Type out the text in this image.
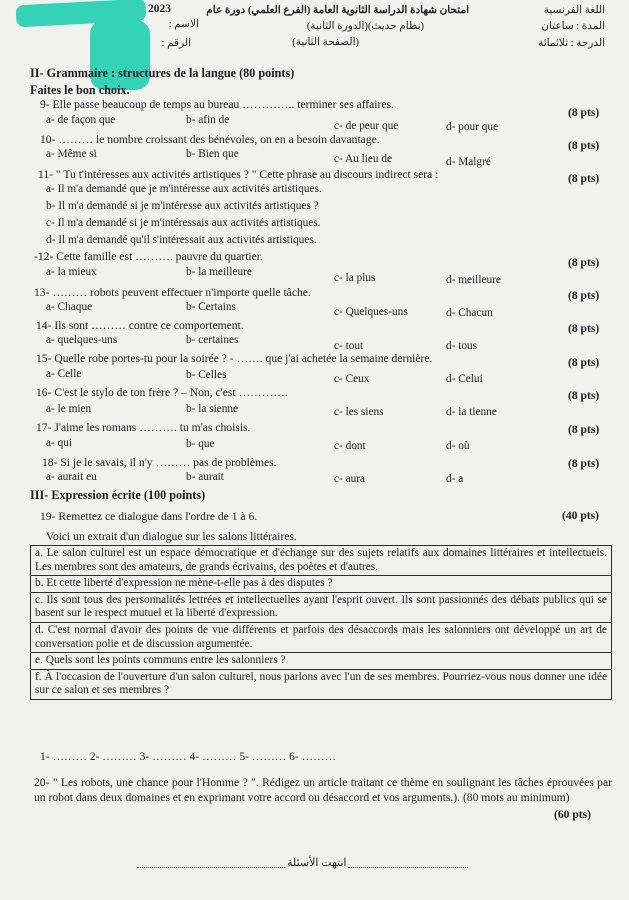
اللغة الفرنسية
امتحان شهادة الدراسة الثانوية العامة (الفرع العلمي) دورة عام
2023
المدة : ساعتان
(نظام حديث)(الدورة الثانية)
الاسم :
الدرجة : ثلاثمائة
(الصفحة الثانية)
الرقم :
II- Grammaire : structures de la langue (80 points)
Faites le bon choix.
9- Elle passe beaucoup de temps au bureau ………….. terminer ses affaires.
(8 pts)
a- de façon que	b- afin de	c- de peur que	d- pour que
10- ……… le nombre croissant des bénévoles, on en a besoin davantage.	(8 pts)
a- Même si	b- Bien que	c- Au lieu de	d- Malgré
11- " Tu t'intéresses aux activités artistiques ? " Cette phrase au discours indirect sera :	(8 pts)
a- Il m'a demandé que je m'intéresse aux activités artistiques.
b- Il m'a demandé si je m'intéresse aux activités artistiques ?
c- Il m'a demandé si je m'intéressais aux activités artistiques.
d- Il m'a demandé qu'il s'intéressait aux activités artistiques.
-12- Cette famille est ………. pauvre du quartier.	(8 pts)
a- la mieux	b- la meilleure	c- la plus	d- meilleure
13- ……… robots peuvent effectuer n'importe quelle tâche.	(8 pts)
a- Chaque	b- Certains	c- Quelques-uns	d- Chacun
14- Ils sont ……… contre ce comportement.	(8 pts)
a- quelques-uns	b- certaines	c- tout	d- tous
15- Quelle robe portes-tu pour la soirée ? - ……. que j'ai achetée la semaine dernière.	(8 pts)
a- Celle	b- Celles	c- Ceux	d- Celui
16- C'est le stylo de ton frère ? – Non, c'est ………….	(8 pts)
a- le mien	b- la sienne	c- les siens	d- la tienne
17- J'aime les romans ………. tu m'as choisis.	(8 pts)
a- qui	b- que	c- dont	d- où
18- Si je le savais, il n'y ……… pas de problèmes.	(8 pts)
a- aurait eu	b- aurait	c- aura	d- a
III- Expression écrite (100 points)
19- Remettez ce dialogue dans l'ordre de 1 à 6.	(40 pts)
Voici un extrait d'un dialogue sur les salons littéraires.
a. Le salon culturel est un espace démocratique et d'échange sur des sujets relatifs aux domaines littéraires et intellectuels. Les membres sont des amateurs, de grands écrivains, des poètes et d'autres.
b. Et cette liberté d'expression ne mène-t-elle pas à des disputes ?
c. Ils sont tous des personnalités lettrées et intellectuelles ayant l'esprit ouvert. Ils sont passionnés des débats publics qui se basent sur le respect mutuel et la liberté d'expression.
d. C'est normal d'avoir des points de vue différents et parfois des désaccords mais les salonniers ont développé un art de conversation polie et de discussion argumentée.
e. Quels sont les points communs entre les salonniers ?
f. À l'occasion de l'ouverture d'un salon culturel, nous parlons avec l'un de ses membres. Pourriez-vous nous donner une idée sur ce salon et ses membres ?
1- ……… 2- ……… 3- ……… 4- ……… 5- ……… 6- ………
20- " Les robots, une chance pour l'Homme ? ". Rédigez un article traitant ce thème en soulignant les tâches éprouvées par un robot dans deux domaines et en exprimant votre accord ou désaccord et vos arguments.). (80 mots au minimum)
(60 pts)
انتهت الأسئلة
